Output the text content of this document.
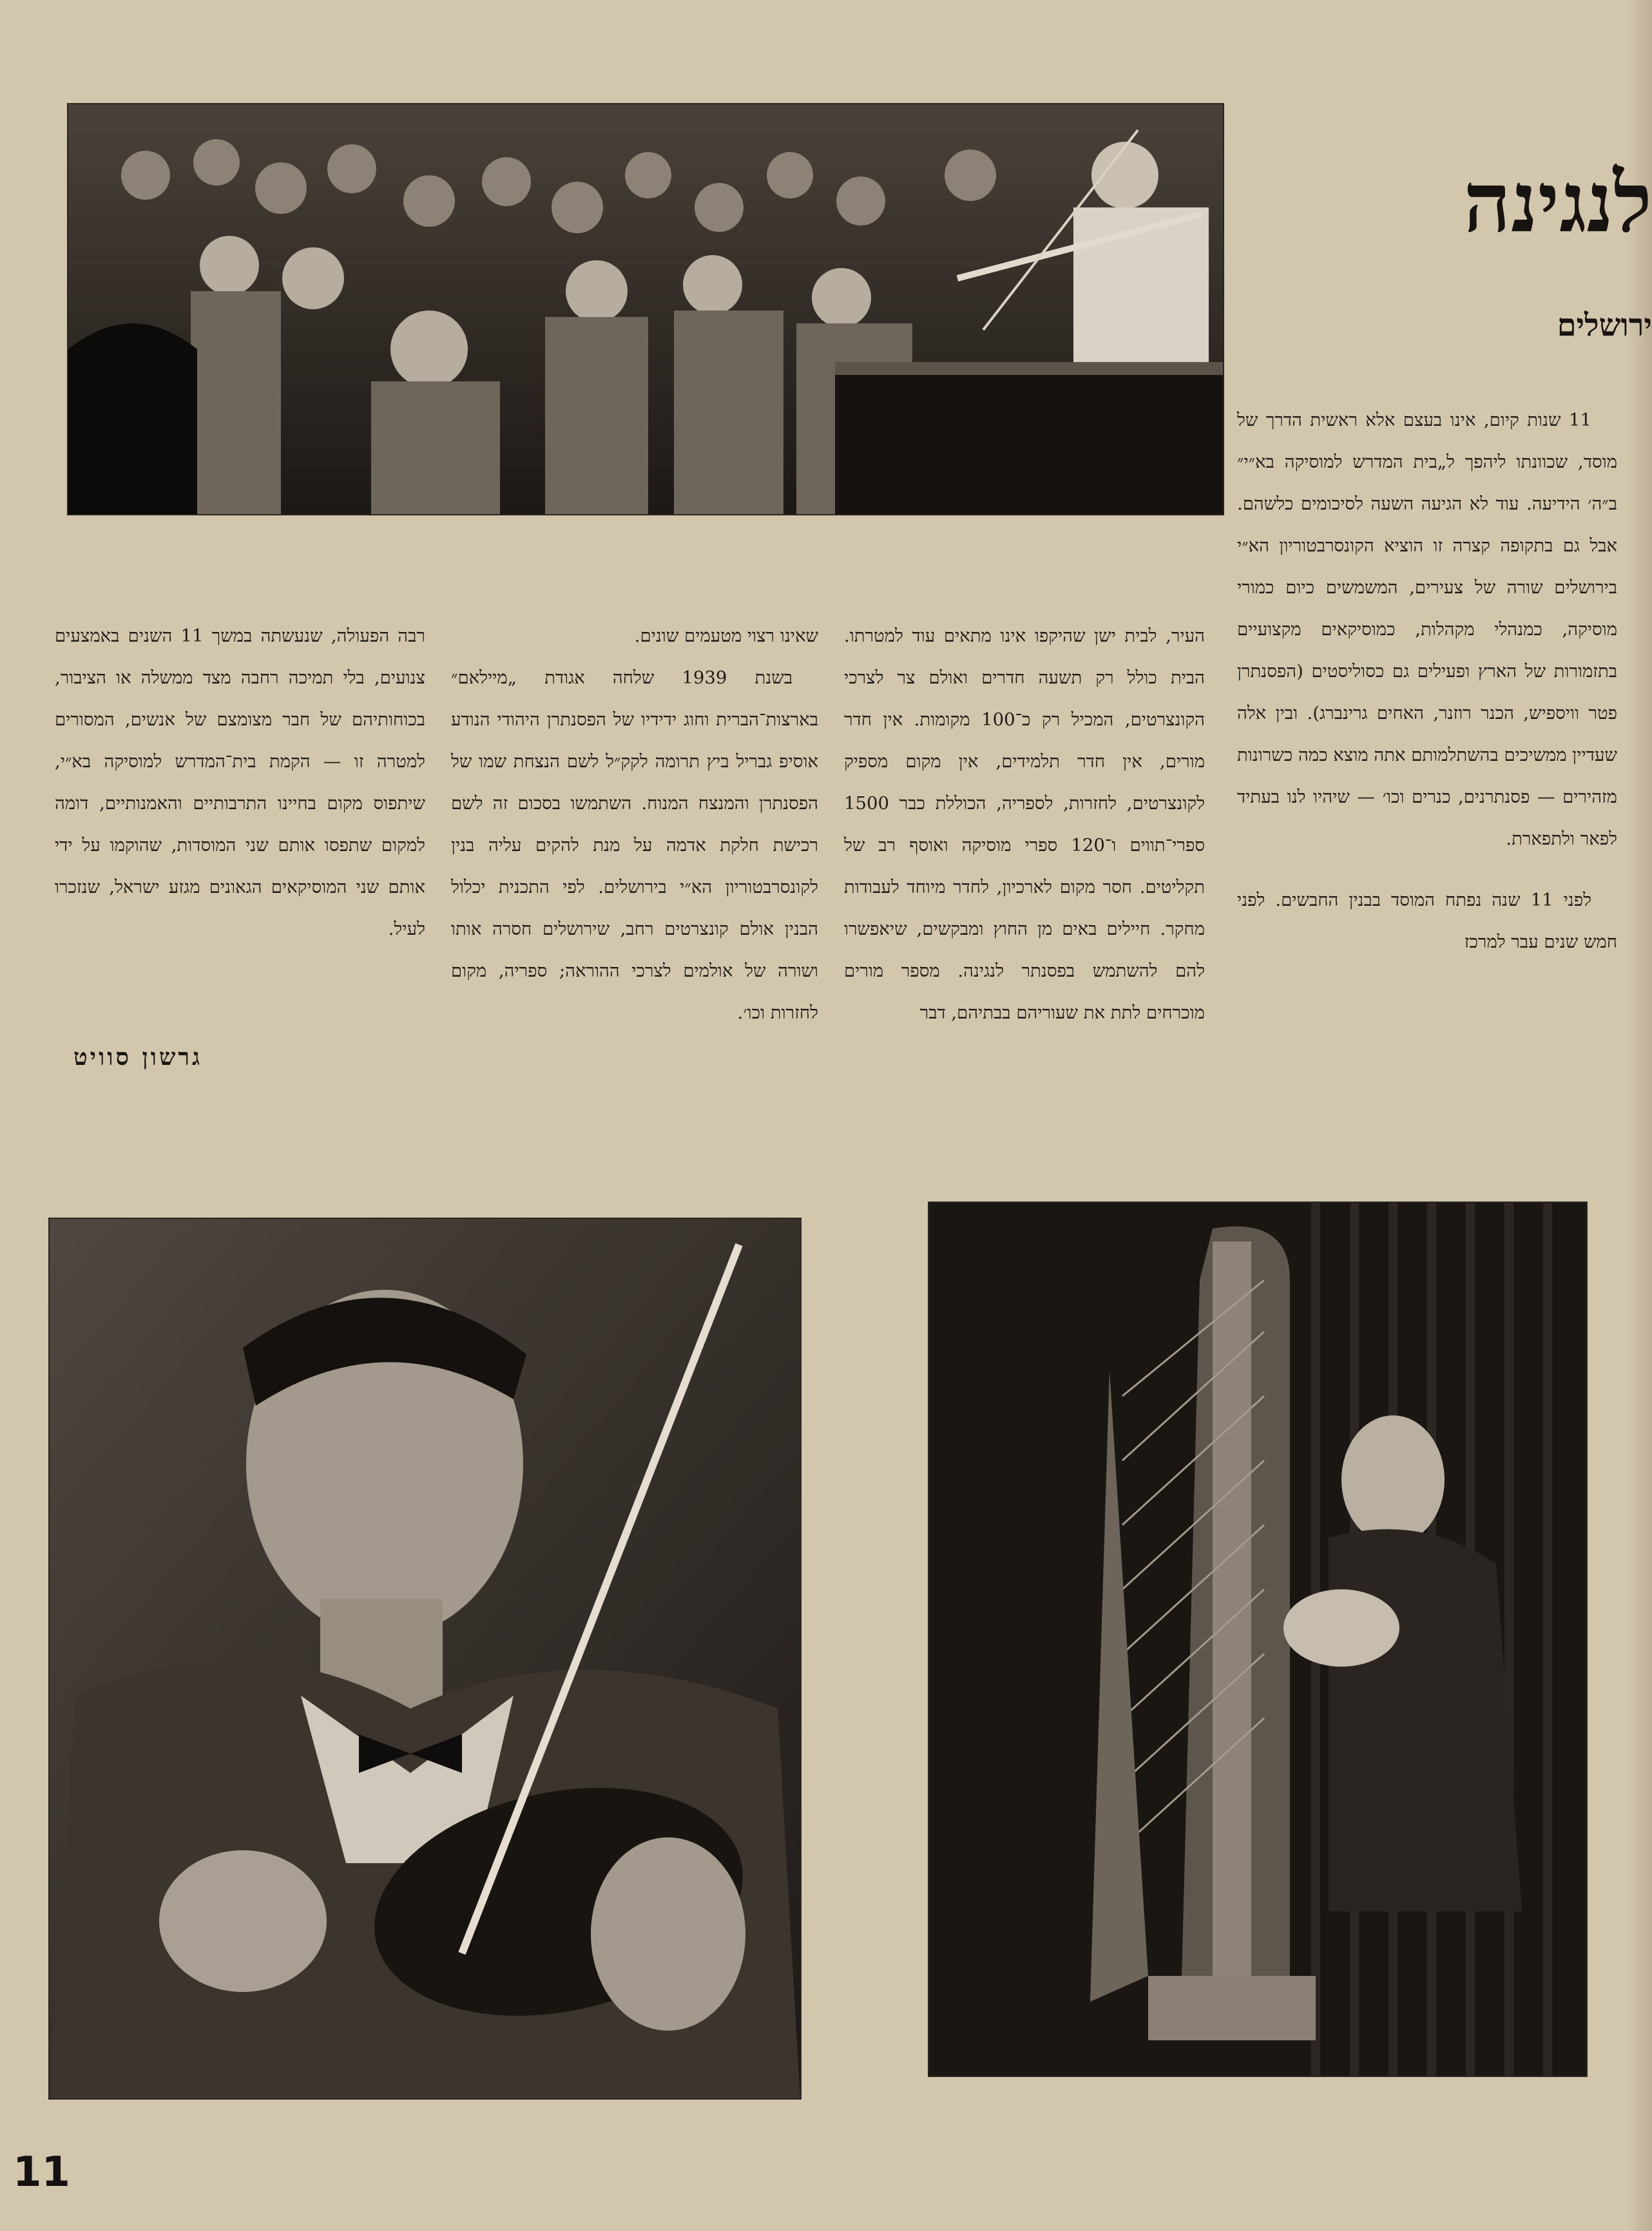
לנגינה
ירושלים

11 שנות קיום, אינו בעצם אלא ראשית הדרך של מוסד, שכוונתו ליהפך ל„בית המדרש למוסיקה בא״י״ ב״ה׳ הידיעה. עוד לא הגיעה השעה לסיכומים כלשהם. אבל גם בתקופה קצרה זו הוציא הקונסרבטוריון הא״י בירושלים שורה של צעירים, המשמשים כיום כמורי מוסיקה, כמנהלי מקהלות, כמוסיקאים מקצועיים בתזמורות של הארץ ופעילים גם כסוליסטים (הפסנתרן פטר וויספיש, הכנר רוזנר, האחים גרינברג). ובין אלה שעדיין ממשיכים בהשתלמותם אתה מוצא כמה כשרונות מזהירים — פסנתרנים, כנרים וכו׳ — שיהיו לנו בעתיד לפאר ולתפארת.

לפני 11 שנה נפתח המוסד בבנין החבשים. לפני חמש שנים עבר למרכז

העיר, לבית ישן שהיקפו אינו מתאים עוד למטרתו. הבית כולל רק תשעה חדרים ואולם צר לצרכי הקונצרטים, המכיל רק כ־100 מקומות. אין חדר מורים, אין חדר תלמידים, אין מקום מספיק לקונצרטים, לחזרות, לספריה, הכוללת כבר 1500 ספרי־תווים ו־120 ספרי מוסיקה ואוסף רב של תקליטים. חסר מקום לארכיון, לחדר מיוחד לעבודות מחקר. חיילים באים מן החוץ ומבקשים, שיאפשרו להם להשתמש בפסנתר לנגינה. מספר מורים מוכרחים לתת את שעוריהם בבתיהם, דבר

שאינו רצוי מטעמים שונים.

בשנת 1939 שלחה אגודת „מיילאם״ בארצות־הברית וחוג ידידיו של הפסנתרן היהודי הנודע אוסיפ גבריל ביץ תרומה לקק״ל לשם הנצחת שמו של הפסנתרן והמנצח המנוח. השתמשו בסכום זה לשם רכישת חלקת אדמה על מנת להקים עליה בנין לקונסרבטוריון הא״י בירושלים. לפי התכנית יכלול הבנין אולם קונצרטים רחב, שירושלים חסרה אותו ושורה של אולמים לצרכי ההוראה; ספריה, מקום לחזרות וכו׳.

רבה הפעולה, שנעשתה במשך 11 השנים באמצעים צנועים, בלי תמיכה רחבה מצד ממשלה או הציבור, בכוחותיהם של חבר מצומצם של אנשים, המסורים למטרה זו — הקמת בית־המדרש למוסיקה בא״י, שיתפוס מקום בחיינו התרבותיים והאמנותיים, דומה למקום שתפסו אותם שני המוסדות, שהוקמו על ידי אותם שני המוסיקאים הגאונים מגזע ישראל, שנזכרו לעיל.

גרשון סוויט
11
